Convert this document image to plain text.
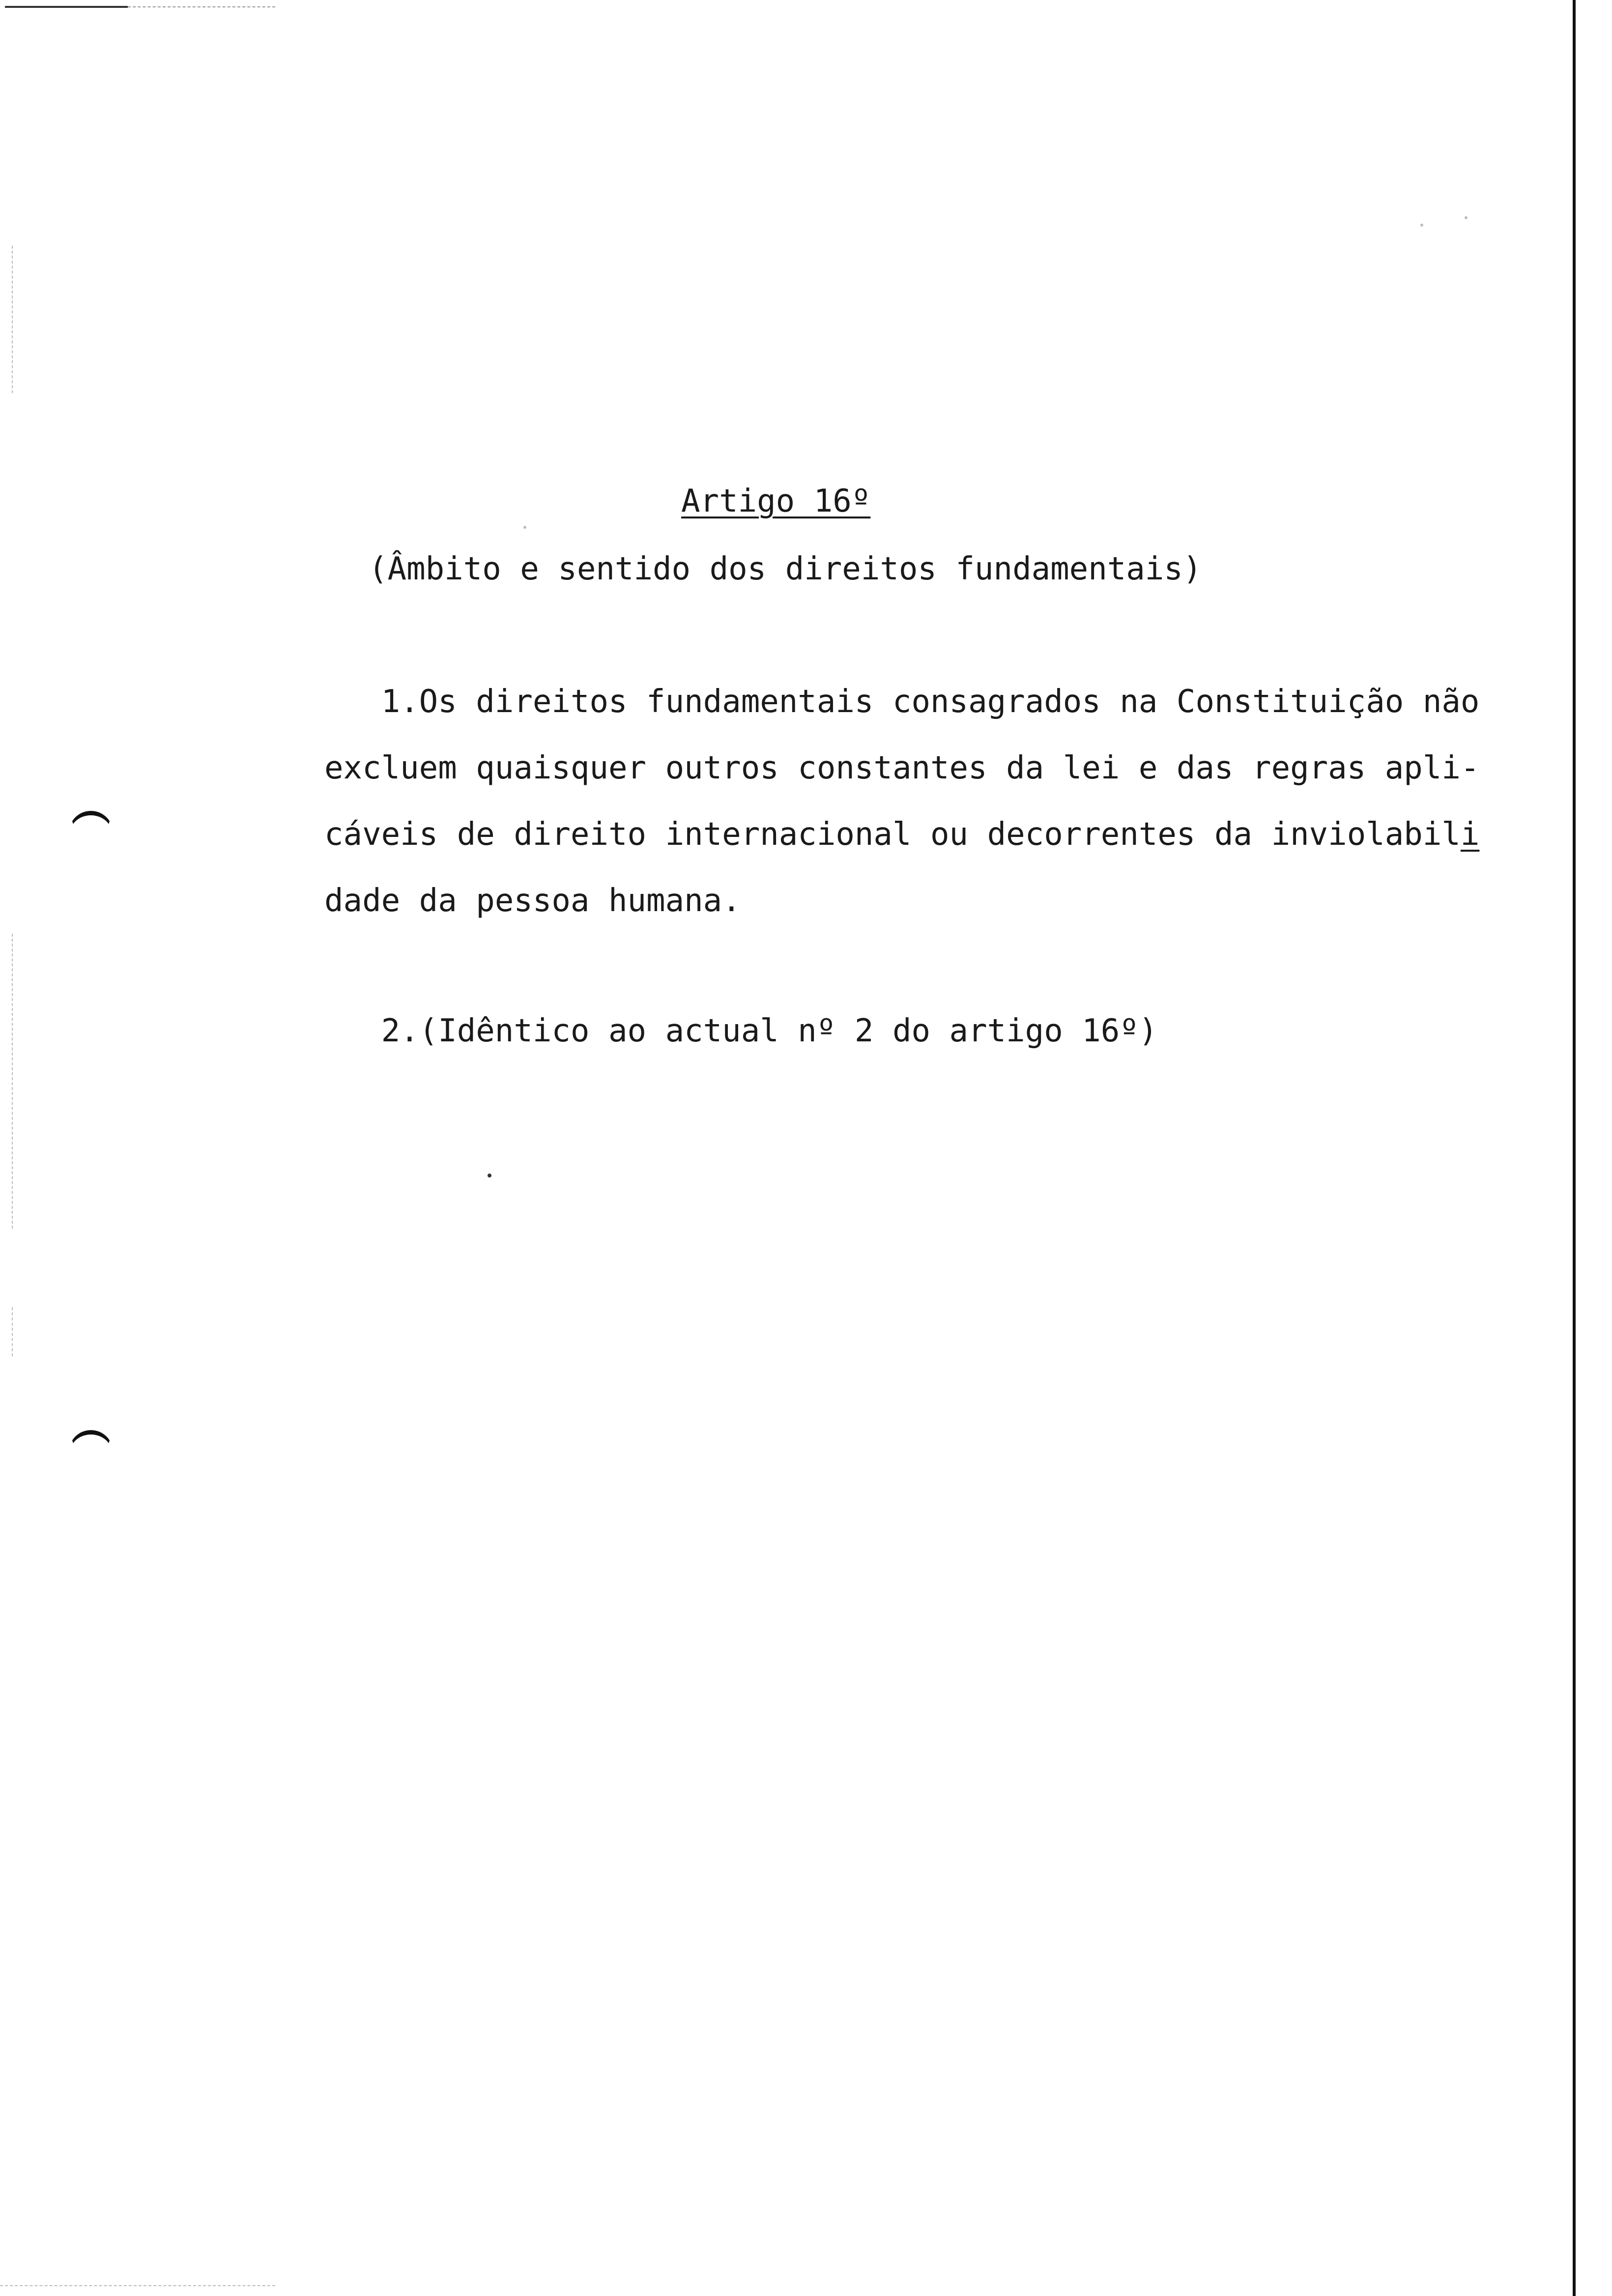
Artigo 16º
(Âmbito e sentido dos direitos fundamentais)
1.Os direitos fundamentais consagrados na Constituição não
excluem quaisquer outros constantes da lei e das regras apli-
cáveis de direito internacional ou decorrentes da inviolabili
dade da pessoa humana.
2.(Idêntico ao actual nº 2 do artigo 16º)
